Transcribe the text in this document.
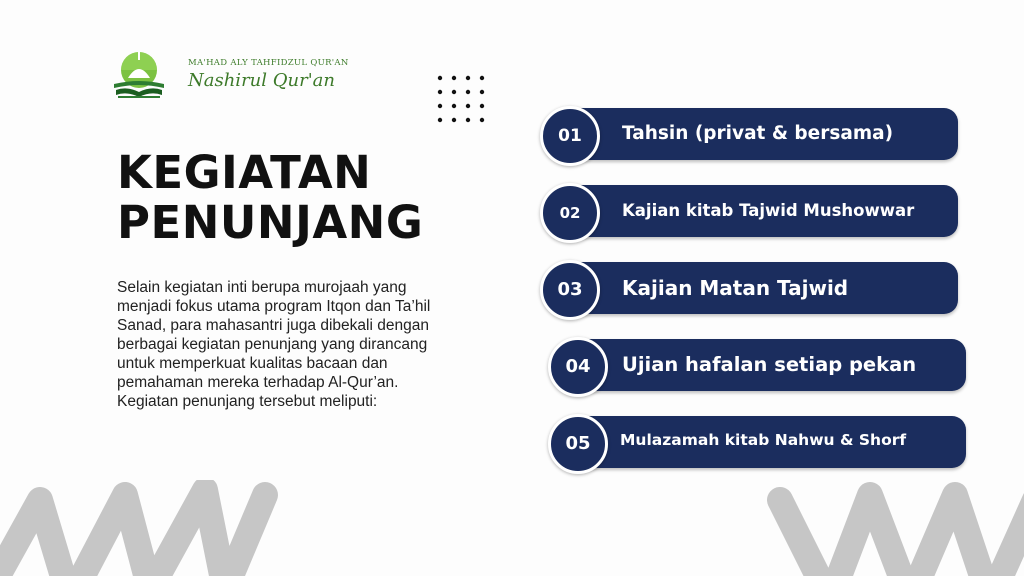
MA'HAD ALY TAHFIDZUL QUR'AN
Nashirul Qur'an
KEGIATAN
PENUNJANG

Selain kegiatan inti berupa murojaah yang menjadi fokus utama program Itqon dan Ta’hil Sanad, para mahasantri juga dibekali dengan berbagai kegiatan penunjang yang dirancang untuk memperkuat kualitas bacaan dan pemahaman mereka terhadap Al-Qur’an.

Kegiatan penunjang tersebut meliputi:

01	Tahsin (privat & bersama)
02	Kajian kitab Tajwid Mushowwar
03	Kajian Matan Tajwid
04	Ujian hafalan setiap pekan
05	Mulazamah kitab Nahwu & Shorf
